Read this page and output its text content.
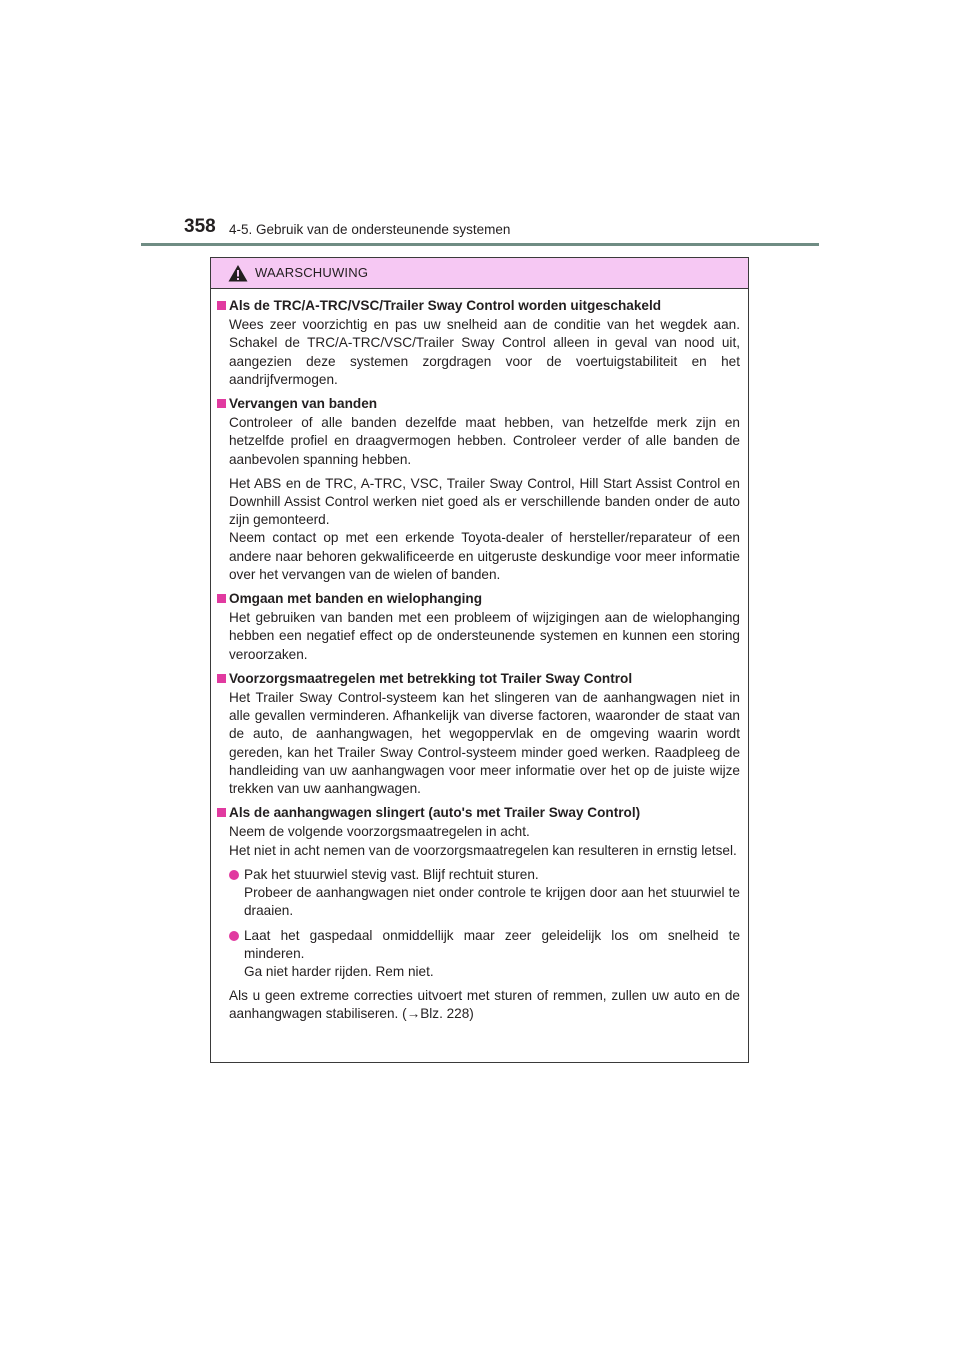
358 4-5. Gebruik van de ondersteunende systemen
WAARSCHUWING
Als de TRC/A-TRC/VSC/Trailer Sway Control worden uitgeschakeld
Wees zeer voorzichtig en pas uw snelheid aan de conditie van het wegdek aan. Schakel de TRC/A-TRC/VSC/Trailer Sway Control alleen in geval van nood uit, aangezien deze systemen zorgdragen voor de voertuigstabiliteit en het aandrijfvermogen.
Vervangen van banden
Controleer of alle banden dezelfde maat hebben, van hetzelfde merk zijn en hetzelfde profiel en draagvermogen hebben. Controleer verder of alle banden de aanbevolen spanning hebben.
Het ABS en de TRC, A-TRC, VSC, Trailer Sway Control, Hill Start Assist Control en Downhill Assist Control werken niet goed als er verschillende banden onder de auto zijn gemonteerd.
Neem contact op met een erkende Toyota-dealer of hersteller/reparateur of een andere naar behoren gekwalificeerde en uitgeruste deskundige voor meer informatie over het vervangen van de wielen of banden.
Omgaan met banden en wielophanging
Het gebruiken van banden met een probleem of wijzigingen aan de wielophanging hebben een negatief effect op de ondersteunende systemen en kunnen een storing veroorzaken.
Voorzorgsmaatregelen met betrekking tot Trailer Sway Control
Het Trailer Sway Control-systeem kan het slingeren van de aanhangwagen niet in alle gevallen verminderen. Afhankelijk van diverse factoren, waaronder de staat van de auto, de aanhangwagen, het wegoppervlak en de omgeving waarin wordt gereden, kan het Trailer Sway Control-systeem minder goed werken. Raadpleeg de handleiding van uw aanhangwagen voor meer informatie over het op de juiste wijze trekken van uw aanhangwagen.
Als de aanhangwagen slingert (auto's met Trailer Sway Control)
Neem de volgende voorzorgsmaatregelen in acht.
Het niet in acht nemen van de voorzorgsmaatregelen kan resulteren in ernstig letsel.
Pak het stuurwiel stevig vast. Blijf rechtuit sturen.
Probeer de aanhangwagen niet onder controle te krijgen door aan het stuurwiel te draaien.
Laat het gaspedaal onmiddellijk maar zeer geleidelijk los om snelheid te minderen.
Ga niet harder rijden. Rem niet.
Als u geen extreme correcties uitvoert met sturen of remmen, zullen uw auto en de aanhangwagen stabiliseren. (→Blz. 228)
